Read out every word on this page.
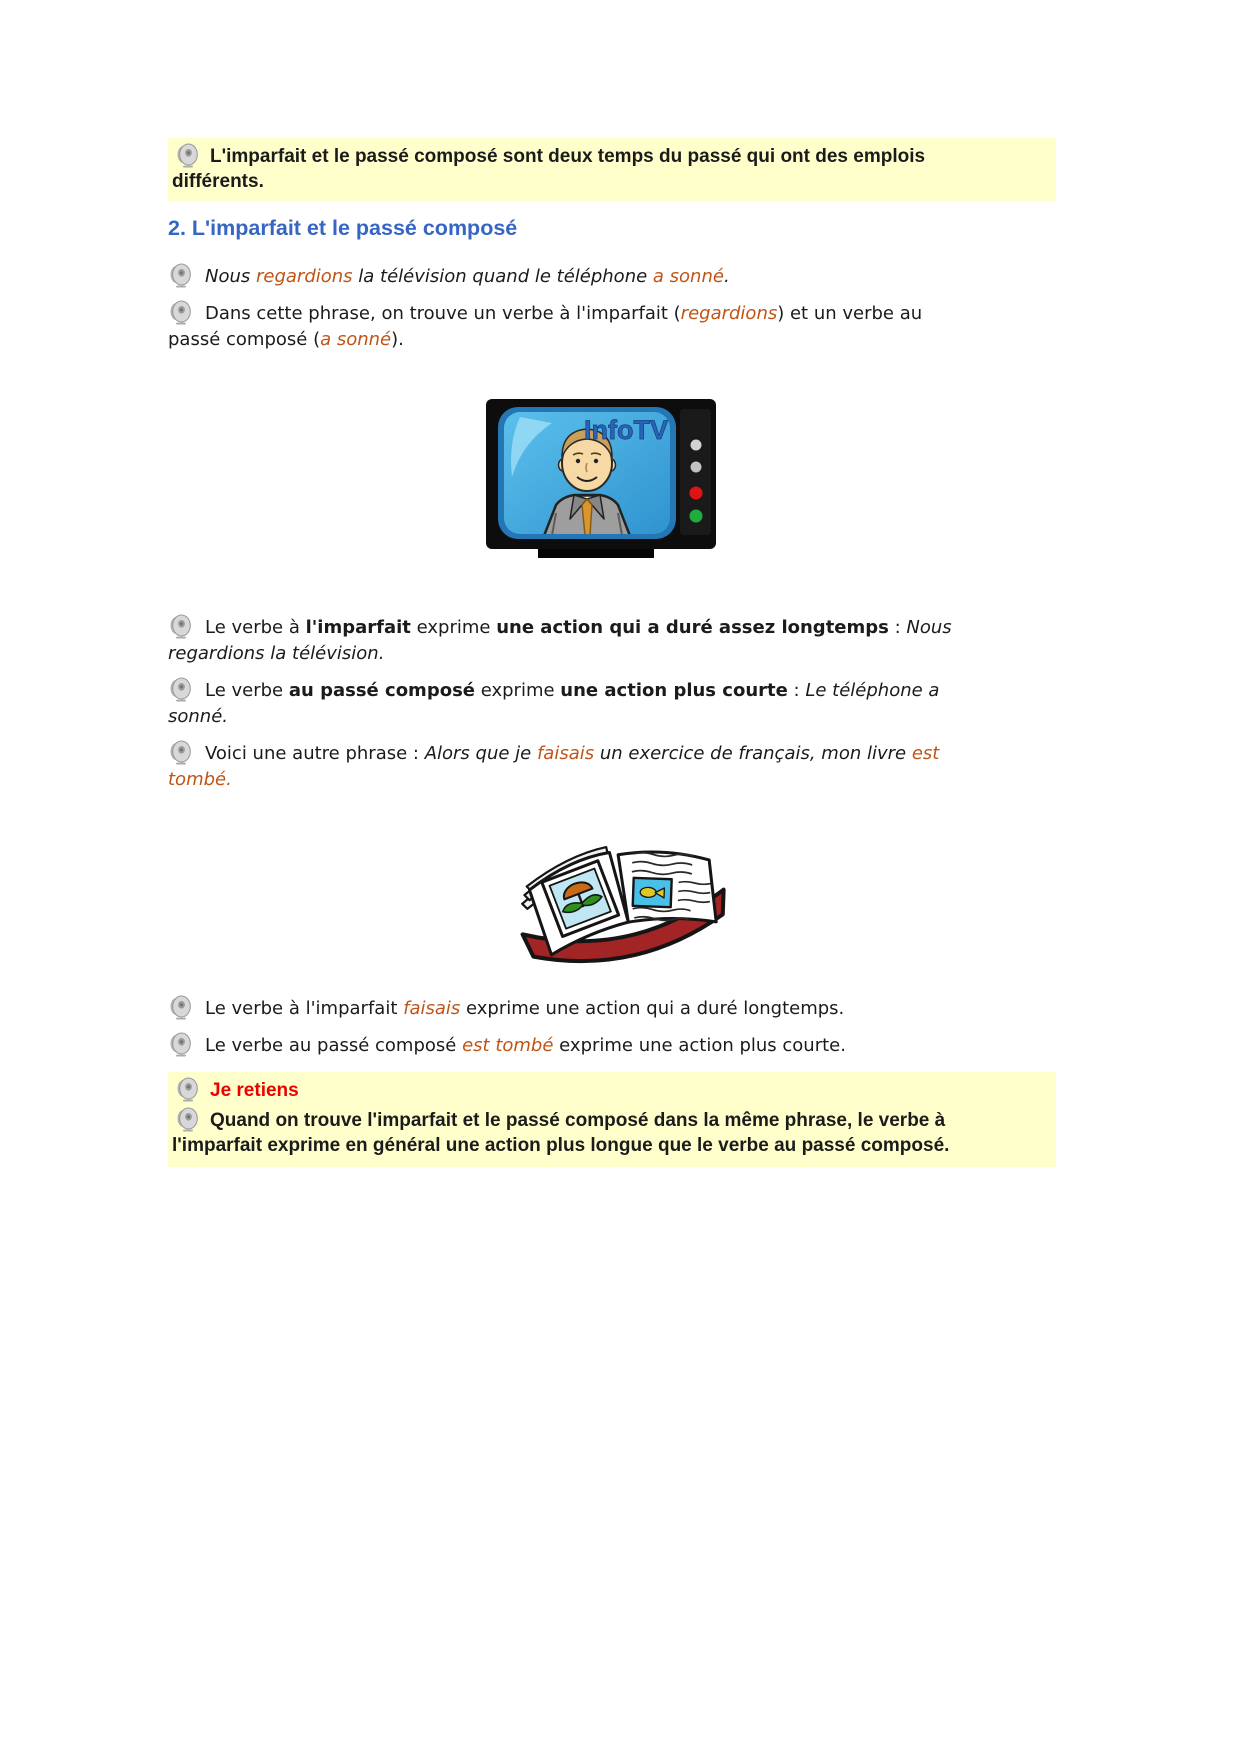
L'imparfait et le passé composé sont deux temps du passé qui ont des emplois différents.
2. L'imparfait et le passé composé

Nous regardions la télévision quand le téléphone a sonné.

Dans cette phrase, on trouve un verbe à l'imparfait (regardions) et un verbe au passé composé (a sonné).

InfoTV

Le verbe à l'imparfait exprime une action qui a duré assez longtemps : Nous regardions la télévision.

Le verbe au passé composé exprime une action plus courte : Le téléphone a sonné.

Voici une autre phrase : Alors que je faisais un exercice de français, mon livre est tombé.

Le verbe à l'imparfait faisais exprime une action qui a duré longtemps.

Le verbe au passé composé est tombé exprime une action plus courte.

Je retiens
Quand on trouve l'imparfait et le passé composé dans la même phrase, le verbe à l'imparfait exprime en général une action plus longue que le verbe au passé composé.
